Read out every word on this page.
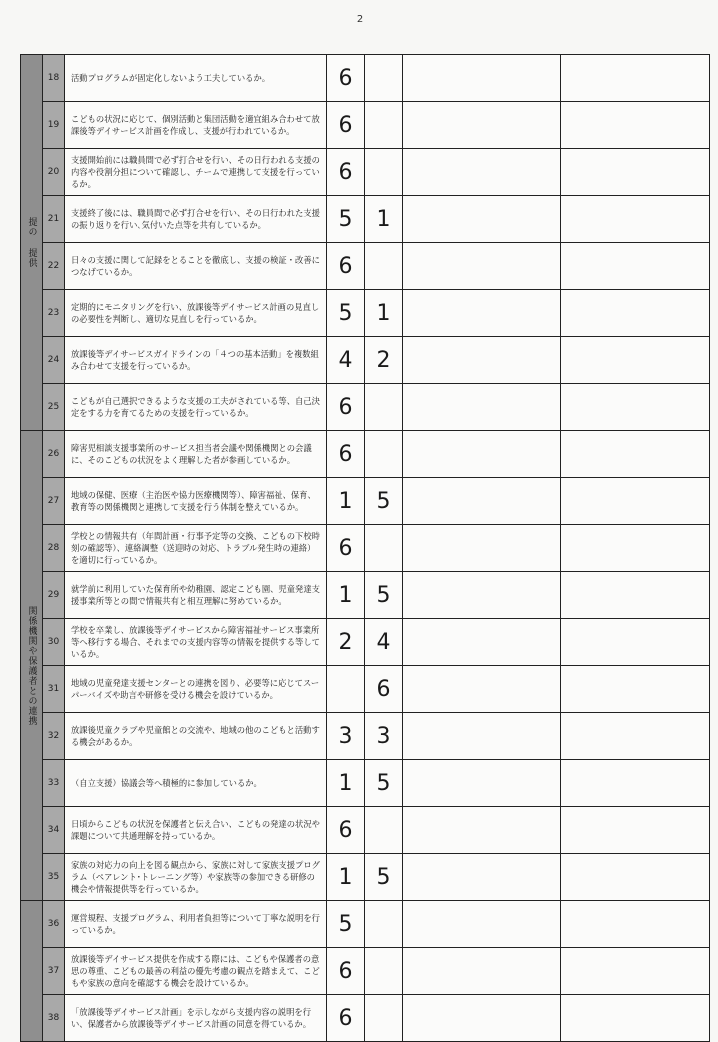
2
提の 提供	18	活動プログラムが固定化しないよう工夫しているか。	6			
	19	こどもの状況に応じて、個別活動と集団活動を適宜組み合わせて放課後等デイサービス計画を作成し、支援が行われているか。	6			
	20	支援開始前には職員間で必ず打合せを行い、その日行われる支援の内容や役割分担について確認し、チームで連携して支援を行っているか。	6			
	21	支援終了後には、職員間で必ず打合せを行い、その日行われた支援の振り返りを行い､気付いた点等を共有しているか。	5	1		
	22	日々の支援に関して記録をとることを徹底し、支援の検証・改善につなげているか。	6			
	23	定期的にモニタリングを行い、放課後等デイサービス計画の見直しの必要性を判断し、適切な見直しを行っているか。	5	1		
	24	放課後等デイサービスガイドラインの「４つの基本活動」を複数組み合わせて支援を行っているか。	4	2		
	25	こどもが自己選択できるような支援の工夫がされている等、自己決定をする力を育てるための支援を行っているか。	6			
関係機関や保護者との連携	26	障害児相談支援事業所のサービス担当者会議や関係機関との会議に、そのこどもの状況をよく理解した者が参画しているか。	6			
	27	地域の保健、医療（主治医や協力医療機関等）、障害福祉、保育、教育等の関係機関と連携して支援を行う体制を整えているか。	1	5		
	28	学校との情報共有（年間計画・行事予定等の交換、こどもの下校時刻の確認等）、連絡調整（送迎時の対応、トラブル発生時の連絡）を適切に行っているか。	6			
	29	就学前に利用していた保育所や幼稚園、認定こども園、児童発達支援事業所等との間で情報共有と相互理解に努めているか。	1	5		
	30	学校を卒業し、放課後等デイサービスから障害福祉サービス事業所等へ移行する場合、それまでの支援内容等の情報を提供する等しているか。	2	4		
	31	地域の児童発達支援センターとの連携を図り、必要等に応じてスーパーバイズや助言や研修を受ける機会を設けているか。		6		
	32	放課後児童クラブや児童館との交流や、地域の他のこどもと活動する機会があるか。	3	3		
	33	（自立支援）協議会等へ積極的に参加しているか。	1	5		
	34	日頃からこどもの状況を保護者と伝え合い、こどもの発達の状況や課題について共通理解を持っているか。	6			
	35	家族の対応力の向上を図る観点から、家族に対して家族支援プログラム（ペアレント･トレーニング等）や家族等の参加できる研修の機会や情報提供等を行っているか。	1	5		
	36	運営規程、支援プログラム、利用者負担等について丁寧な説明を行っているか。	5			
	37	放課後等デイサービス提供を作成する際には、こどもや保護者の意思の尊重、こどもの最善の利益の優先考慮の観点を踏まえて、こどもや家族の意向を確認する機会を設けているか。	6			
	38	「放課後等デイサービス計画」を示しながら支援内容の説明を行い、保護者から放課後等デイサービス計画の同意を得ているか。	6			
